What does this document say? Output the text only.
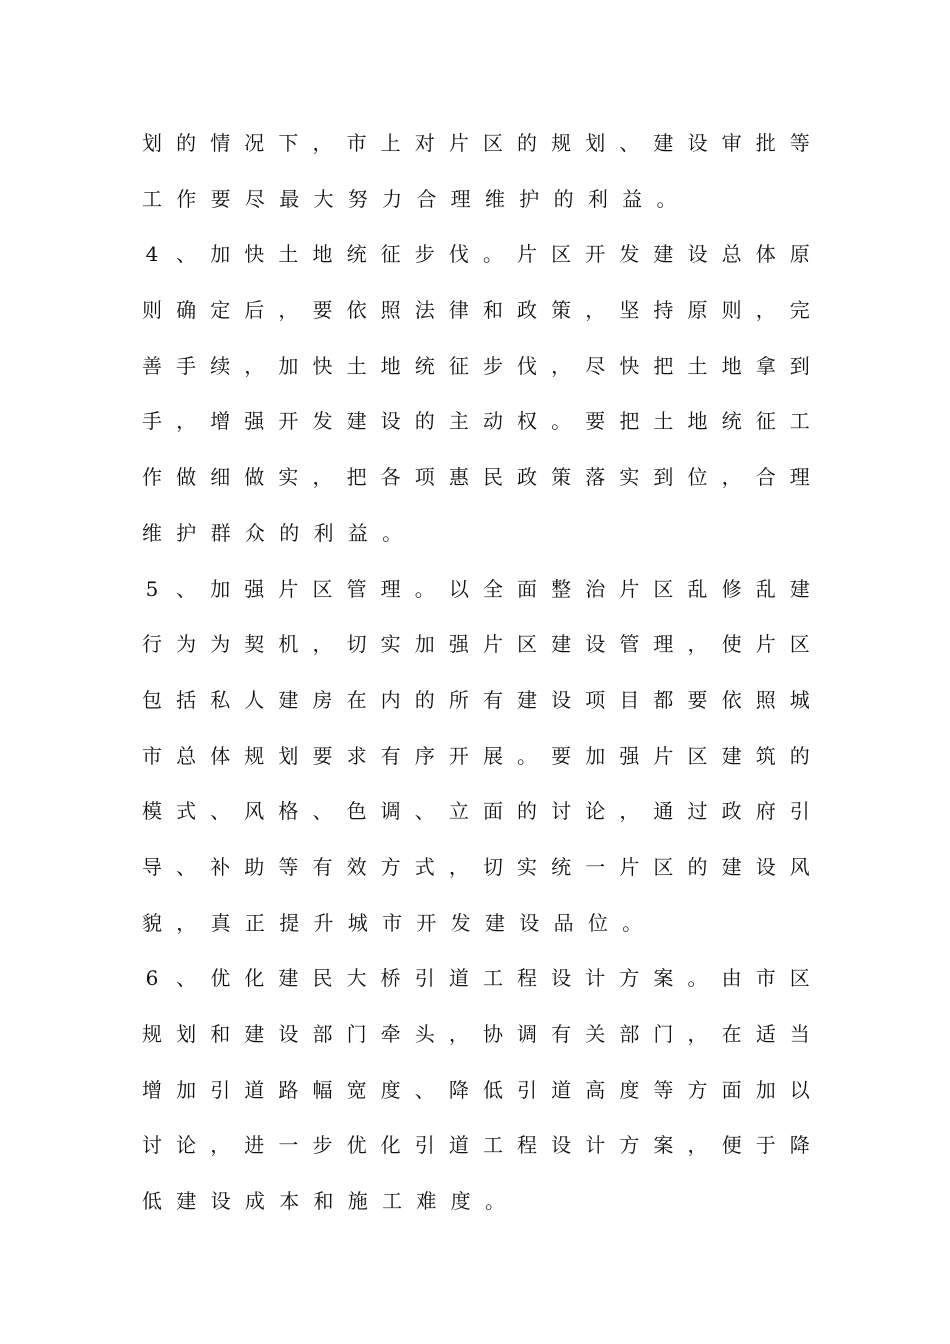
划 的 情 况 下 ， 市 上 对 片 区 的 规 划 、 建 设 审 批 等
工 作 要 尽 最 大 努 力 合 理 维 护 的 利 益 。
4 、 加 快 土 地 统 征 步 伐 。 片 区 开 发 建 设 总 体 原
则 确 定 后 ， 要 依 照 法 律 和 政 策 ， 坚 持 原 则 ， 完
善 手 续 ， 加 快 土 地 统 征 步 伐 ， 尽 快 把 土 地 拿 到
手 ， 增 强 开 发 建 设 的 主 动 权 。 要 把 土 地 统 征 工
作 做 细 做 实 ， 把 各 项 惠 民 政 策 落 实 到 位 ， 合 理
维 护 群 众 的 利 益 。
5 、 加 强 片 区 管 理 。 以 全 面 整 治 片 区 乱 修 乱 建
行 为 为 契 机 ， 切 实 加 强 片 区 建 设 管 理 ， 使 片 区
包 括 私 人 建 房 在 内 的 所 有 建 设 项 目 都 要 依 照 城
市 总 体 规 划 要 求 有 序 开 展 。 要 加 强 片 区 建 筑 的
模 式 、 风 格 、 色 调 、 立 面 的 讨 论 ， 通 过 政 府 引
导 、 补 助 等 有 效 方 式 ， 切 实 统 一 片 区 的 建 设 风
貌 ， 真 正 提 升 城 市 开 发 建 设 品 位 。
6 、 优 化 建 民 大 桥 引 道 工 程 设 计 方 案 。 由 市 区
规 划 和 建 设 部 门 牵 头 ， 协 调 有 关 部 门 ， 在 适 当
增 加 引 道 路 幅 宽 度 、 降 低 引 道 高 度 等 方 面 加 以
讨 论 ， 进 一 步 优 化 引 道 工 程 设 计 方 案 ， 便 于 降
低 建 设 成 本 和 施 工 难 度 。
